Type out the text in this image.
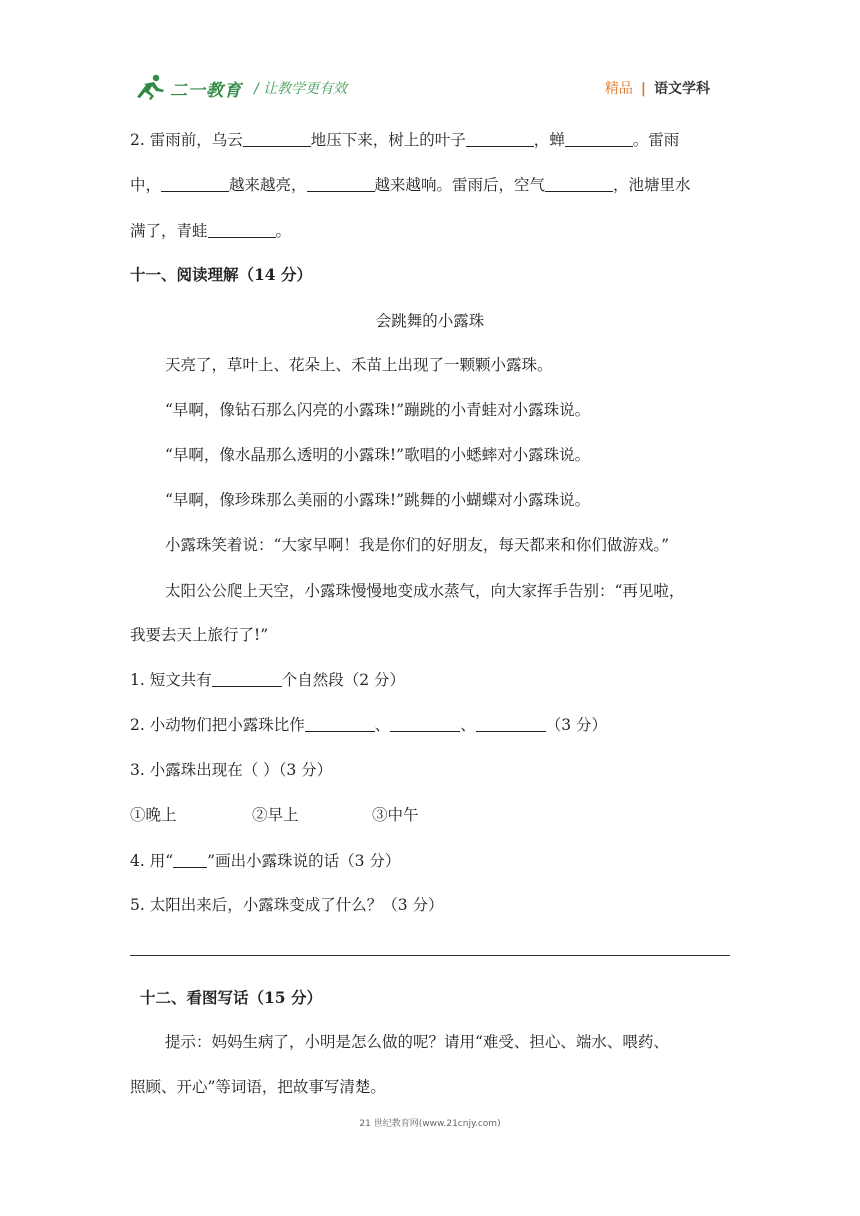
二一教育 / 让教学更有效	精品 | 语文学科
2. 雷雨前，乌云	地压下来，树上的叶子	，蝉	。雷雨
中，	越来越亮，	越来越响。雷雨后，空气	，池塘里水
满了，青蛙	。
十一、阅读理解（14 分）
会跳舞的小露珠
天亮了，草叶上、花朵上、禾苗上出现了一颗颗小露珠。
“早啊，像钻石那么闪亮的小露珠!”蹦跳的小青蛙对小露珠说。
“早啊，像水晶那么透明的小露珠!”歌唱的小蟋蟀对小露珠说。
“早啊，像珍珠那么美丽的小露珠!”跳舞的小蝴蝶对小露珠说。
小露珠笑着说：“大家早啊！我是你们的好朋友，每天都来和你们做游戏。”
太阳公公爬上天空，小露珠慢慢地变成水蒸气，向大家挥手告别：“再见啦，
我要去天上旅行了!”
1. 短文共有	个自然段（2 分）
2. 小动物们把小露珠比作	、	、	（3 分）
3. 小露珠出现在（ ）（3 分）
①晚上	②早上	③中午
4. 用“ ”画出小露珠说的话（3 分）
5. 太阳出来后，小露珠变成了什么？（3 分）
十二、看图写话（15 分）
提示：妈妈生病了，小明是怎么做的呢？请用“难受、担心、端水、喂药、
照顾、开心”等词语，把故事写清楚。
21 世纪教育网(www.21cnjy.com)
